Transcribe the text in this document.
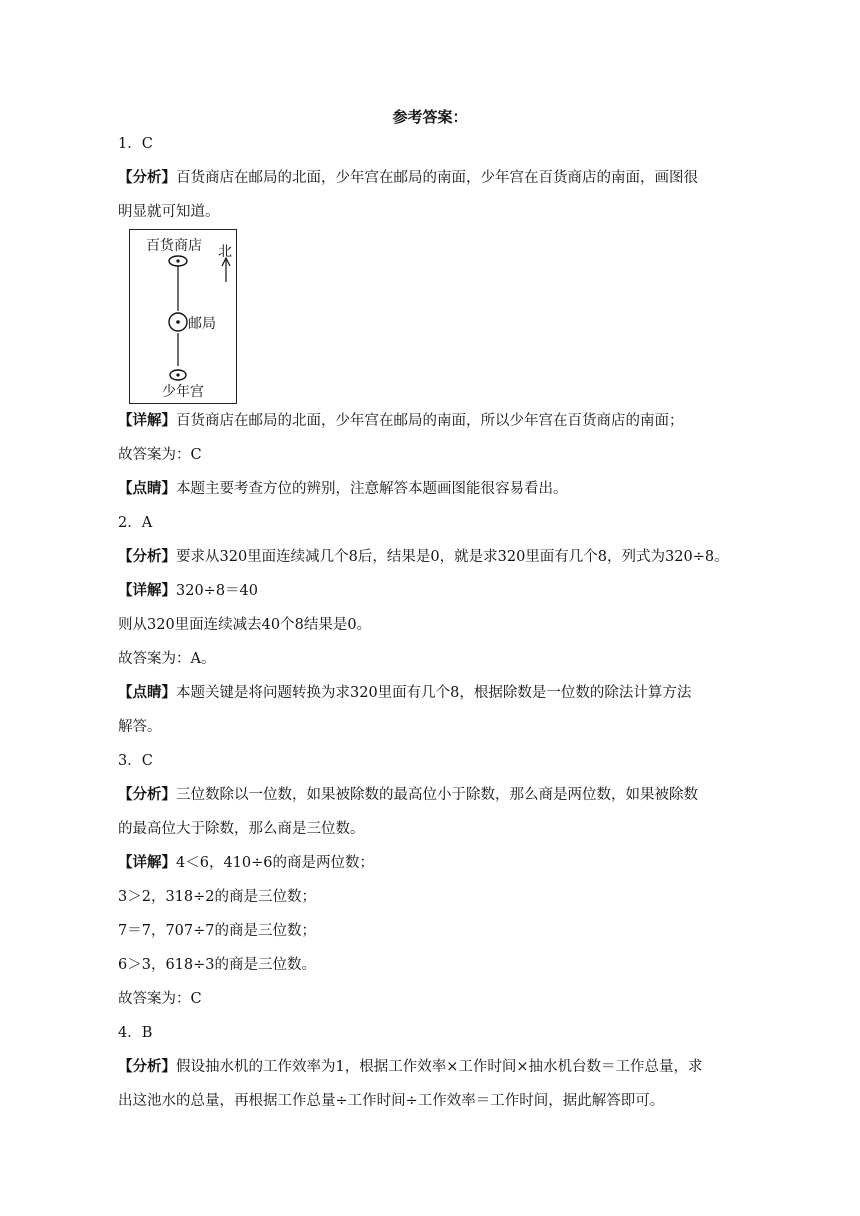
参考答案：
1．C
【分析】百货商店在邮局的北面，少年宫在邮局的南面，少年宫在百货商店的南面，画图很
明显就可知道。
【详解】百货商店在邮局的北面，少年宫在邮局的南面，所以少年宫在百货商店的南面；
故答案为：C
【点睛】本题主要考查方位的辨别，注意解答本题画图能很容易看出。
2．A
【分析】要求从320里面连续减几个8后，结果是0，就是求320里面有几个8，列式为320÷8。
【详解】320÷8＝40
则从320里面连续减去40个8结果是0。
故答案为：A。
【点睛】本题关键是将问题转换为求320里面有几个8，根据除数是一位数的除法计算方法
解答。
3．C
【分析】三位数除以一位数，如果被除数的最高位小于除数，那么商是两位数，如果被除数
的最高位大于除数，那么商是三位数。
【详解】4＜6，410÷6的商是两位数；
3＞2，318÷2的商是三位数；
7＝7，707÷7的商是三位数；
6＞3，618÷3的商是三位数。
故答案为：C
4．B
【分析】假设抽水机的工作效率为1，根据工作效率×工作时间×抽水机台数＝工作总量，求
出这池水的总量，再根据工作总量÷工作时间÷工作效率＝工作时间，据此解答即可。
百货商店 北
邮局
少年宫
